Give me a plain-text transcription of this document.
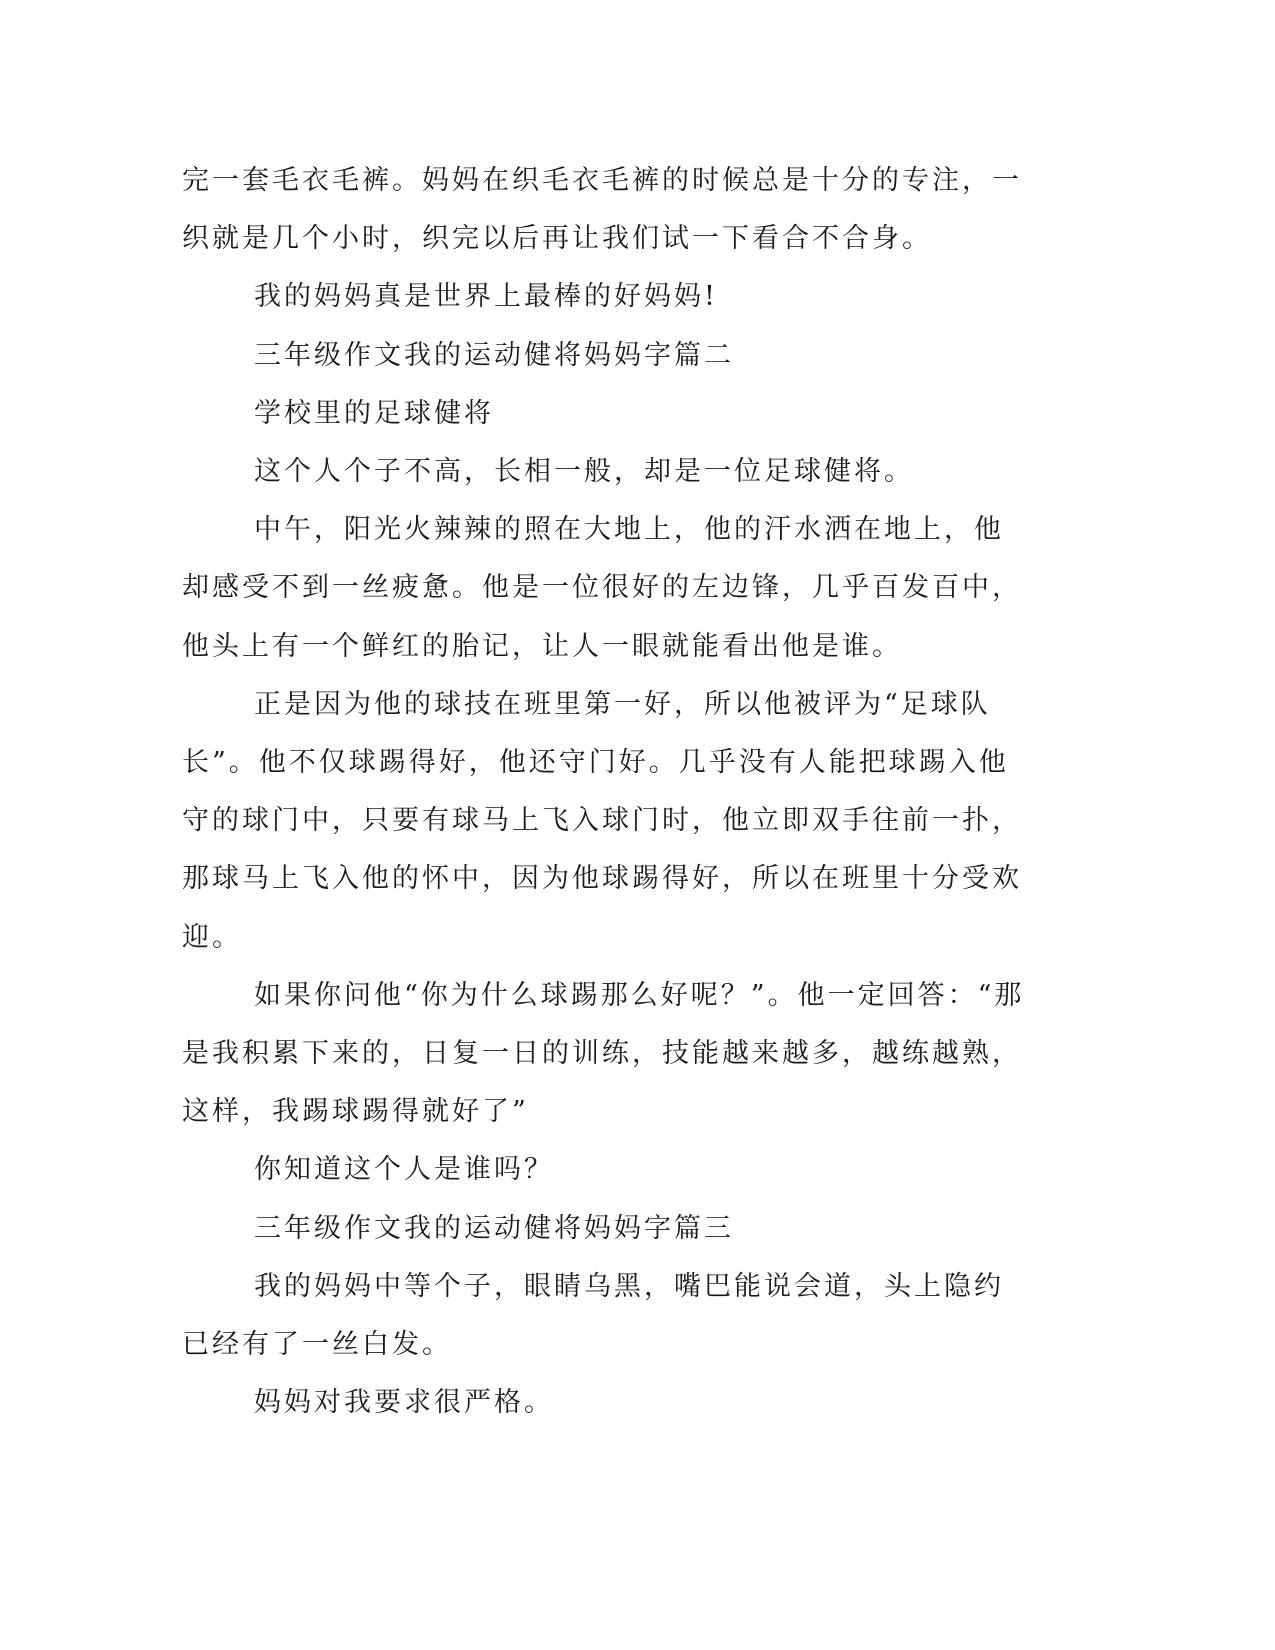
完一套毛衣毛裤。妈妈在织毛衣毛裤的时候总是十分的专注，一织就是几个小时，织完以后再让我们试一下看合不合身。

我的妈妈真是世界上最棒的好妈妈!

三年级作文我的运动健将妈妈字篇二

学校里的足球健将

这个人个子不高，长相一般，却是一位足球健将。

中午，阳光火辣辣的照在大地上，他的汗水洒在地上，他却感受不到一丝疲惫。他是一位很好的左边锋，几乎百发百中，他头上有一个鲜红的胎记，让人一眼就能看出他是谁。

正是因为他的球技在班里第一好，所以他被评为“足球队长”。他不仅球踢得好，他还守门好。几乎没有人能把球踢入他守的球门中，只要有球马上飞入球门时，他立即双手往前一扑，那球马上飞入他的怀中，因为他球踢得好，所以在班里十分受欢迎。

如果你问他“你为什么球踢那么好呢？”。他一定回答：“那是我积累下来的，日复一日的训练，技能越来越多，越练越熟，这样，我踢球踢得就好了”

你知道这个人是谁吗？

三年级作文我的运动健将妈妈字篇三

我的妈妈中等个子，眼睛乌黑，嘴巴能说会道，头上隐约已经有了一丝白发。

妈妈对我要求很严格。
